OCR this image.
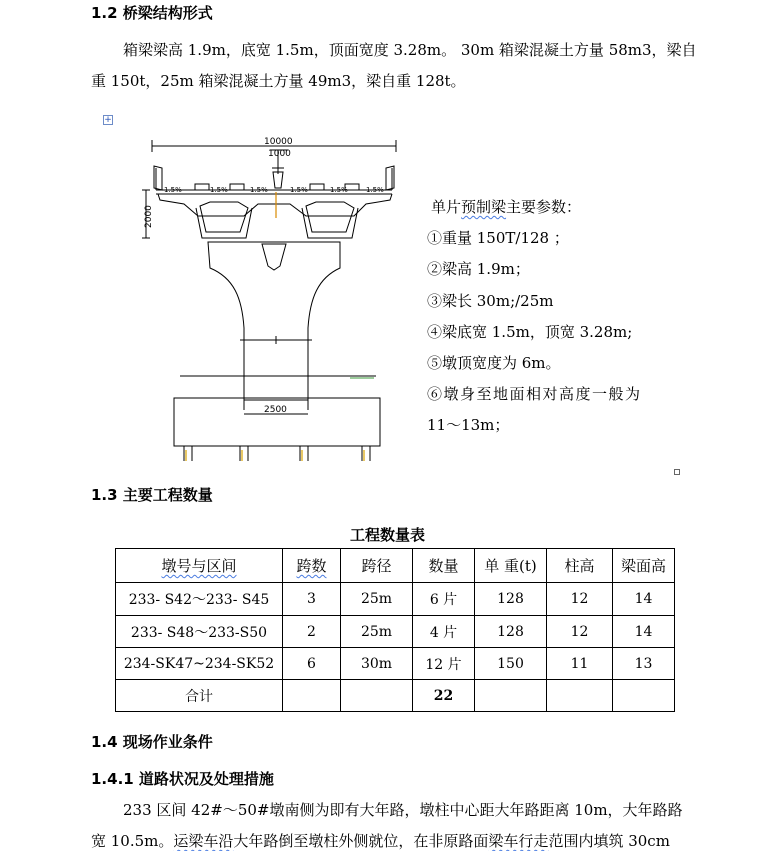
1.2 桥梁结构形式
箱梁梁高 1.9m，底宽 1.5m，顶面宽度 3.28m。 30m 箱梁混凝土方量 58m3，梁自
重 150t，25m 箱梁混凝土方量 49m3，梁自重 128t。
+
10000
1000
2000
2500
1.5%	1.5%	1.5%	1.5%	1.5%	1.5%
单片预制梁主要参数：
①重量 150T/128 ；
②梁高 1.9m；
③梁长 30m;/25m
④梁底宽 1.5m，顶宽 3.28m;
⑤墩顶宽度为 6m。
⑥墩身至地面相对高度一般为
11～13m；
1.3 主要工程数量
工程数量表
墩号与区间	跨数	跨径	数量	单 重(t)	柱高	梁面高
233- S42～233- S45	3	25m	6 片	128	12	14
233- S48～233-S50	2	25m	4 片	128	12	14
234-SK47~234-SK52	6	30m	12 片	150	11	13
合计			22			
1.4 现场作业条件
1.4.1 道路状况及处理措施
233 区间 42#～50#墩南侧为即有大年路，墩柱中心距大年路距离 10m，大年路路
宽 10.5m。运梁车沿大年路倒至墩柱外侧就位，在非原路面梁车行走范围内填筑 30cm
